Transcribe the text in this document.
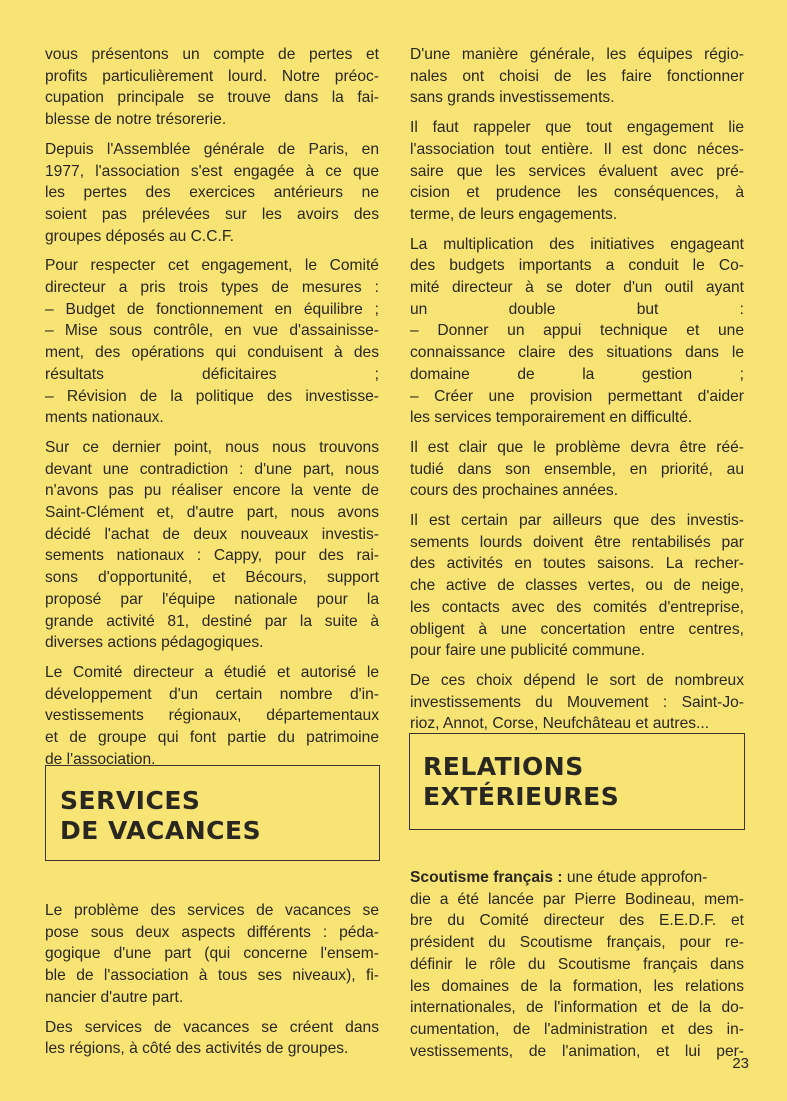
vous présentons un compte de pertes et
profits particulièrement lourd. Notre préoc-
cupation principale se trouve dans la fai-
blesse de notre trésorerie.

Depuis l'Assemblée générale de Paris, en
1977, l'association s'est engagée à ce que
les pertes des exercices antérieurs ne
soient pas prélevées sur les avoirs des
groupes déposés au C.C.F.

Pour respecter cet engagement, le Comité
directeur a pris trois types de mesures :
– Budget de fonctionnement en équilibre ;
– Mise sous contrôle, en vue d'assainisse-
ment, des opérations qui conduisent à des
résultats déficitaires ;
– Révision de la politique des investisse-
ments nationaux.

Sur ce dernier point, nous nous trouvons
devant une contradiction : d'une part, nous
n'avons pas pu réaliser encore la vente de
Saint-Clément et, d'autre part, nous avons
décidé l'achat de deux nouveaux investis-
sements nationaux : Cappy, pour des rai-
sons d'opportunité, et Bécours, support
proposé par l'équipe nationale pour la
grande activité 81, destiné par la suite à
diverses actions pédagogiques.

Le Comité directeur a étudié et autorisé le
développement d'un certain nombre d'in-
vestissements régionaux, départementaux
et de groupe qui font partie du patrimoine
de l'association.

D'une manière générale, les équipes régio-
nales ont choisi de les faire fonctionner
sans grands investissements.

Il faut rappeler que tout engagement lie
l'association tout entière. Il est donc néces-
saire que les services évaluent avec pré-
cision et prudence les conséquences, à
terme, de leurs engagements.

La multiplication des initiatives engageant
des budgets importants a conduit le Co-
mité directeur à se doter d'un outil ayant
un double but :
– Donner un appui technique et une
connaissance claire des situations dans le
domaine de la gestion ;
– Créer une provision permettant d'aider
les services temporairement en difficulté.

Il est clair que le problème devra être réé-
tudié dans son ensemble, en priorité, au
cours des prochaines années.

Il est certain par ailleurs que des investis-
sements lourds doivent être rentabilisés par
des activités en toutes saisons. La recher-
che active de classes vertes, ou de neige,
les contacts avec des comités d'entreprise,
obligent à une concertation entre centres,
pour faire une publicité commune.

De ces choix dépend le sort de nombreux
investissements du Mouvement : Saint-Jo-
rioz, Annot, Corse, Neufchâteau et autres...

SERVICES
DE VACANCES
RELATIONS
EXTÉRIEURES

Le problème des services de vacances se
pose sous deux aspects différents : péda-
gogique d'une part (qui concerne l'ensem-
ble de l'association à tous ses niveaux), fi-
nancier d'autre part.

Des services de vacances se créent dans
les régions, à côté des activités de groupes.

Scoutisme français : une étude approfon-
die a été lancée par Pierre Bodineau, mem-
bre du Comité directeur des E.E.D.F. et
président du Scoutisme français, pour re-
définir le rôle du Scoutisme français dans
les domaines de la formation, les relations
internationales, de l'information et de la do-
cumentation, de l'administration et des in-
vestissements, de l'animation, et lui per-

23
